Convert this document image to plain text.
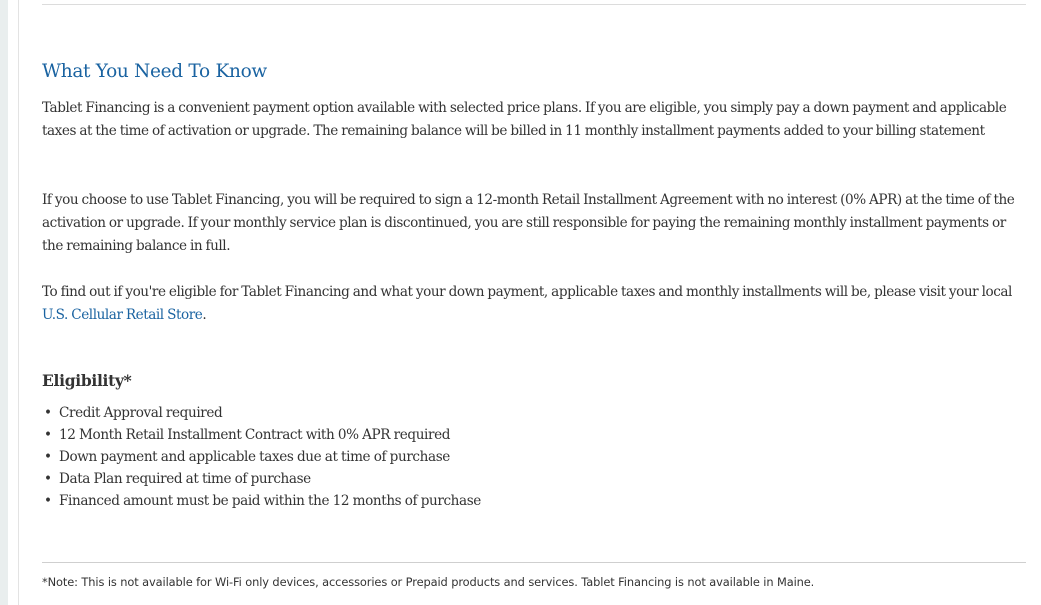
What You Need To Know

Tablet Financing is a convenient payment option available with selected price plans. If you are eligible, you simply pay a down payment and applicable taxes at the time of activation or upgrade. The remaining balance will be billed in 11 monthly installment payments added to your billing statement

If you choose to use Tablet Financing, you will be required to sign a 12-month Retail Installment Agreement with no interest (0% APR) at the time of the activation or upgrade. If your monthly service plan is discontinued, you are still responsible for paying the remaining monthly installment payments or the remaining balance in full.

To find out if you're eligible for Tablet Financing and what your down payment, applicable taxes and monthly installments will be, please visit your local U.S. Cellular Retail Store.

Eligibility*
• Credit Approval required
• 12 Month Retail Installment Contract with 0% APR required
• Down payment and applicable taxes due at time of purchase
• Data Plan required at time of purchase
• Financed amount must be paid within the 12 months of purchase

*Note: This is not available for Wi-Fi only devices, accessories or Prepaid products and services. Tablet Financing is not available in Maine.
